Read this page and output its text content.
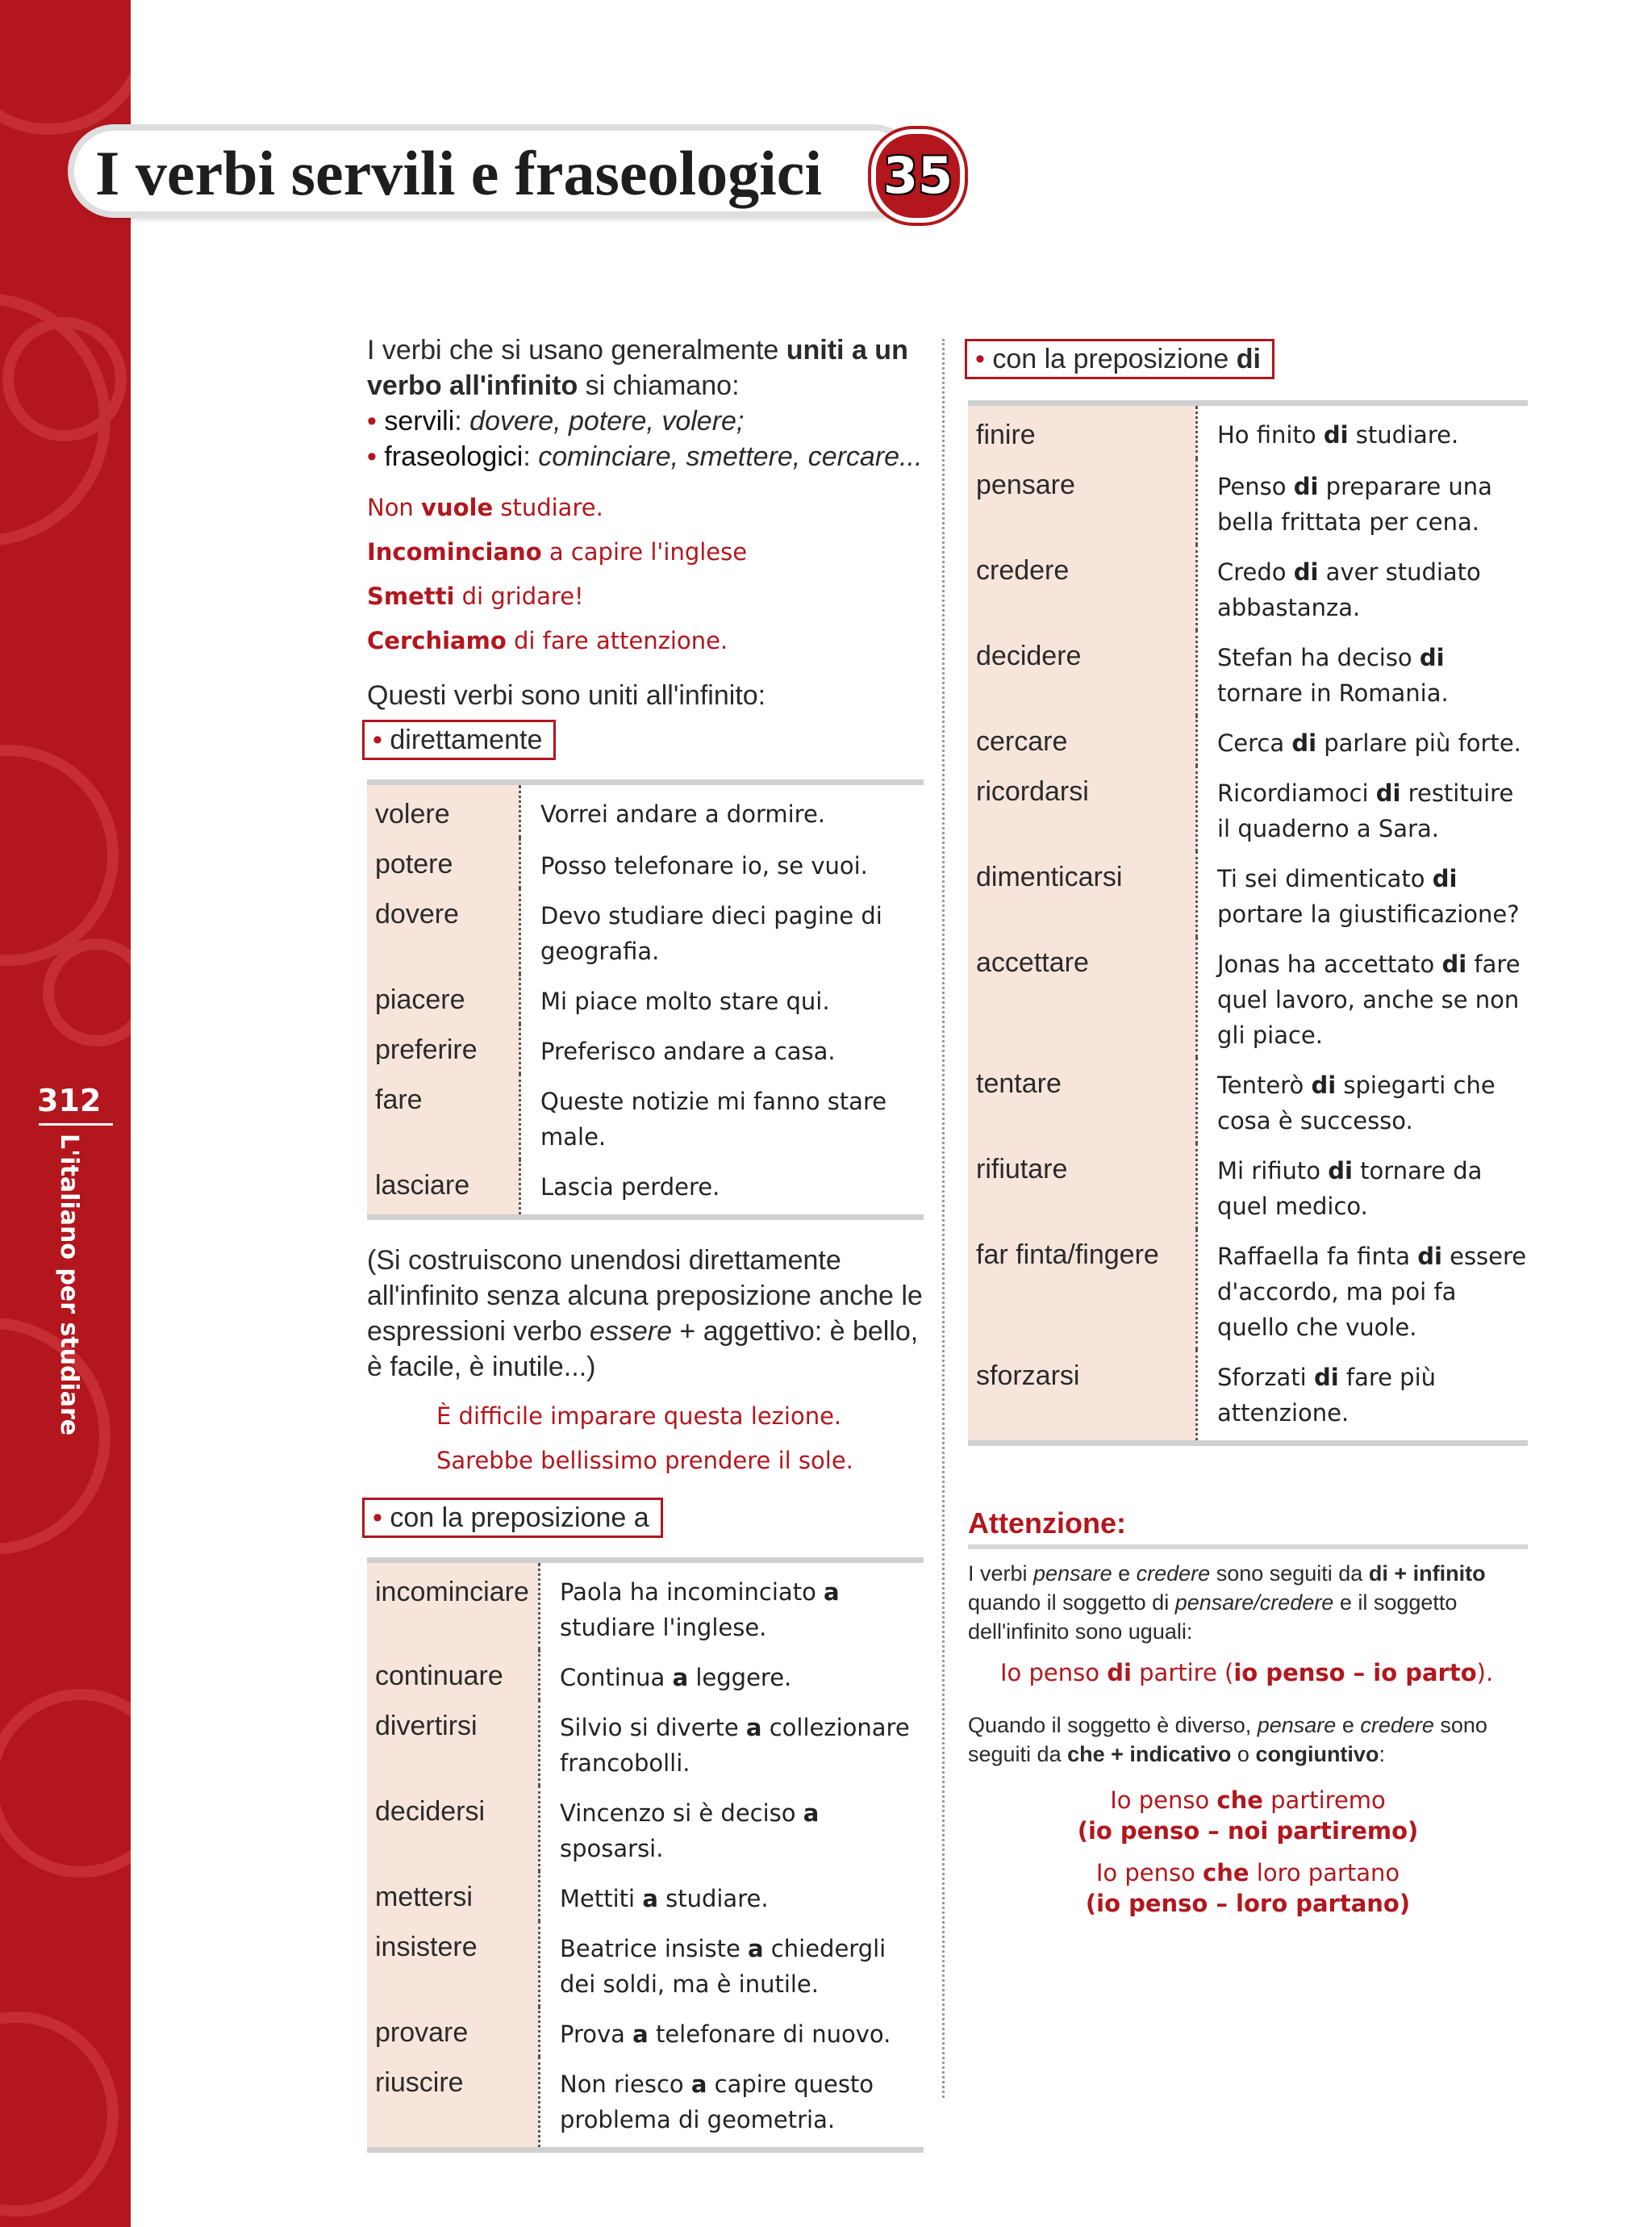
312
L'italiano per studiare
I verbi servili e fraseologici 35

I verbi che si usano generalmente uniti a un verbo all'infinito si chiamano:

• servili: dovere, potere, volere;

• fraseologici: cominciare, smettere, cercare...

Non vuole studiare.
Incominciano a capire l'inglese
Smetti di gridare!
Cerchiamo di fare attenzione.

Questi verbi sono uniti all'infinito:

• direttamente
volere	Vorrei andare a dormire.
potere	Posso telefonare io, se vuoi.
dovere	Devo studiare dieci pagine di geografia.
piacere	Mi piace molto stare qui.
preferire	Preferisco andare a casa.
fare	Queste notizie mi fanno stare male.
lasciare	Lascia perdere.

(Si costruiscono unendosi direttamente all'infinito senza alcuna preposizione anche le espressioni verbo essere + aggettivo: è bello, è facile, è inutile...)

È difficile imparare questa lezione.
Sarebbe bellissimo prendere il sole.
• con la preposizione a
incominciare	Paola ha incominciato a studiare l'inglese.
continuare	Continua a leggere.
divertirsi	Silvio si diverte a collezionare francobolli.
decidersi	Vincenzo si è deciso a sposarsi.
mettersi	Mettiti a studiare.
insistere	Beatrice insiste a chiedergli dei soldi, ma è inutile.
provare	Prova a telefonare di nuovo.
riuscire	Non riesco a capire questo problema di geometria.
• con la preposizione di
finire	Ho finito di studiare.
pensare	Penso di preparare una bella frittata per cena.
credere	Credo di aver studiato abbastanza.
decidere	Stefan ha deciso di tornare in Romania.
cercare	Cerca di parlare più forte.
ricordarsi	Ricordiamoci di restituire il quaderno a Sara.
dimenticarsi	Ti sei dimenticato di portare la giustificazione?
accettare	Jonas ha accettato di fare quel lavoro, anche se non gli piace.
tentare	Tenterò di spiegarti che cosa è successo.
rifiutare	Mi rifiuto di tornare da quel medico.
far finta/fingere	Raffaella fa finta di essere d'accordo, ma poi fa quello che vuole.
sforzarsi	Sforzati di fare più attenzione.
Attenzione:
I verbi pensare e credere sono seguiti da di + infinito quando il soggetto di pensare/credere e il soggetto dell'infinito sono uguali:
Io penso di partire (io penso – io parto).
Quando il soggetto è diverso, pensare e credere sono seguiti da che + indicativo o congiuntivo:
Io penso che partiremo
(io penso – noi partiremo)
Io penso che loro partano
(io penso – loro partano)
